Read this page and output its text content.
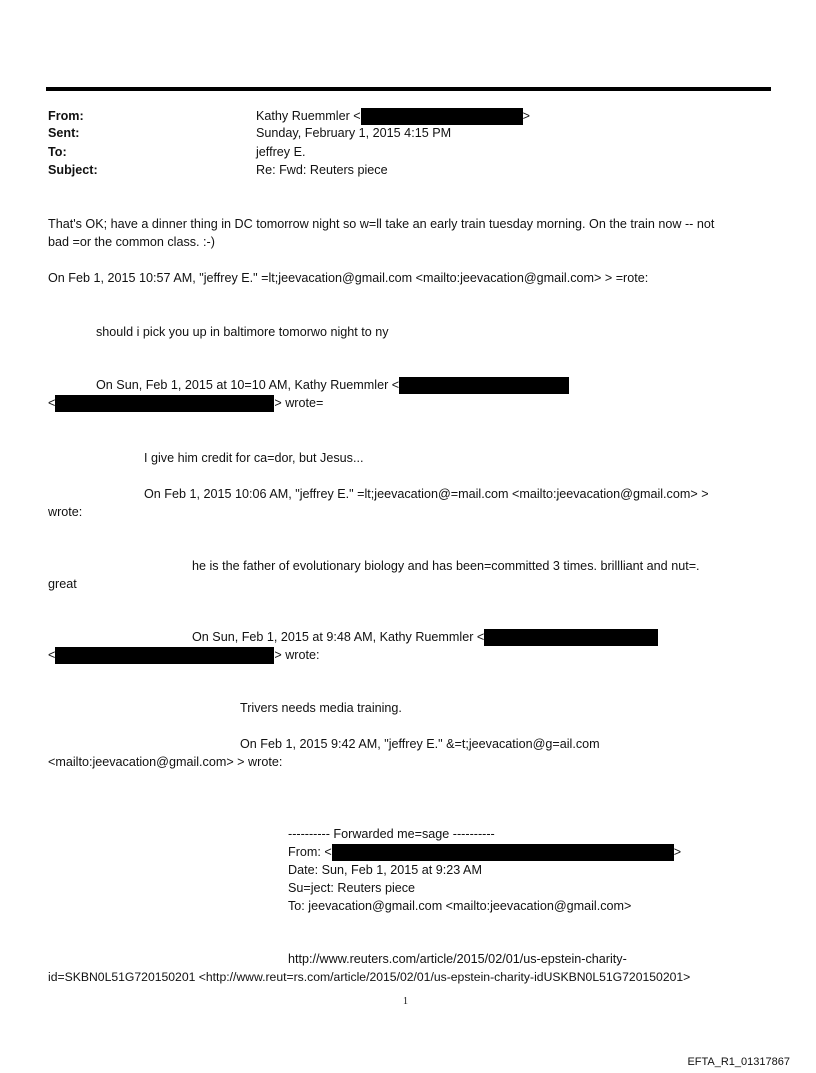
From:	Kathy Ruemmler <	>
Sent:	Sunday, February 1, 2015 4:15 PM
To:	jeffrey E.
Subject:	Re: Fwd: Reuters piece
That's OK; have a dinner thing in DC tomorrow night so w=ll take an early train tuesday morning. On the train now -- not
bad =or the common class. :-)
On Feb 1, 2015 10:57 AM, "jeffrey E." =lt;jeevacation@gmail.com <mailto:jeevacation@gmail.com> > =rote:
should i pick you up in baltimore tomorwo night to ny
On Sun, Feb 1, 2015 at 10=10 AM, Kathy Ruemmler <
<	> wrote=
I give him credit for ca=dor, but Jesus...
On Feb 1, 2015 10:06 AM, "jeffrey E." =lt;jeevacation@=mail.com <mailto:jeevacation@gmail.com> >
wrote:
he is the father of evolutionary biology and has been=committed 3 times. brillliant and nut=.
great
On Sun, Feb 1, 2015 at 9:48 AM, Kathy Ruemmler <
<	> wrote:
Trivers needs media training.
On Feb 1, 2015 9:42 AM, "jeffrey E." &=t;jeevacation@g=ail.com
<mailto:jeevacation@gmail.com> > wrote:
---------- Forwarded me=sage ----------
From: <	>
Date: Sun, Feb 1, 2015 at 9:23 AM
Su=ject: Reuters piece
To: jeevacation@gmail.com <mailto:jeevacation@gmail.com>
http://www.reuters.com/article/2015/02/01/us-epstein-charity-
id=SKBN0L51G720150201 <http://www.reut=rs.com/article/2015/02/01/us-epstein-charity-idUSKBN0L51G720150201>
1
EFTA_R1_01317867
